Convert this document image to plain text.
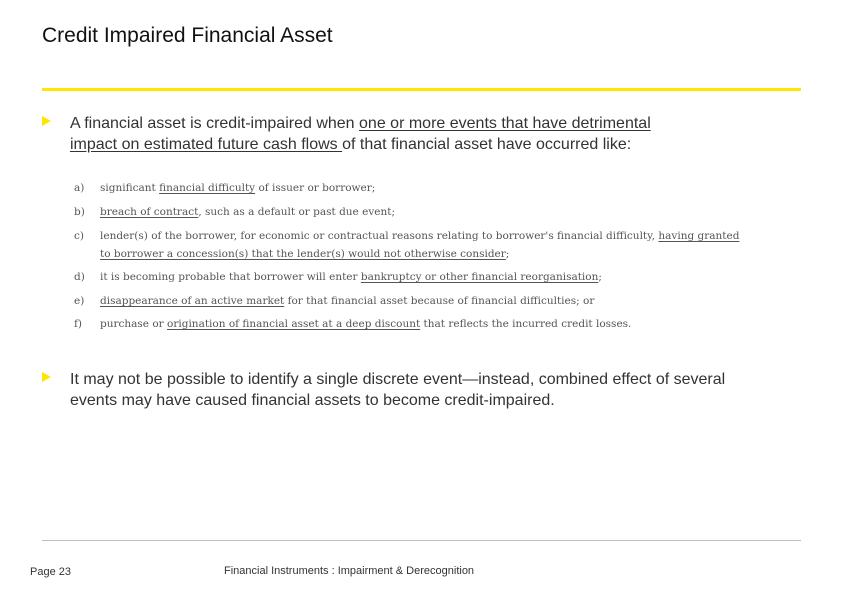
Credit Impaired Financial Asset
A financial asset is credit-impaired when one or more events that have detrimental
impact on estimated future cash flows of that financial asset have occurred like:
a) significant financial difficulty of issuer or borrower;
b) breach of contract, such as a default or past due event;
c) lender(s) of the borrower, for economic or contractual reasons relating to borrower's financial difficulty, having granted to borrower a concession(s) that the lender(s) would not otherwise consider;
d) it is becoming probable that borrower will enter bankruptcy or other financial reorganisation;
e) disappearance of an active market for that financial asset because of financial difficulties; or
f) purchase or origination of financial asset at a deep discount that reflects the incurred credit losses.
It may not be possible to identify a single discrete event—instead, combined effect of several events may have caused financial assets to become credit-impaired.
Page 23	Financial Instruments : Impairment & Derecognition
